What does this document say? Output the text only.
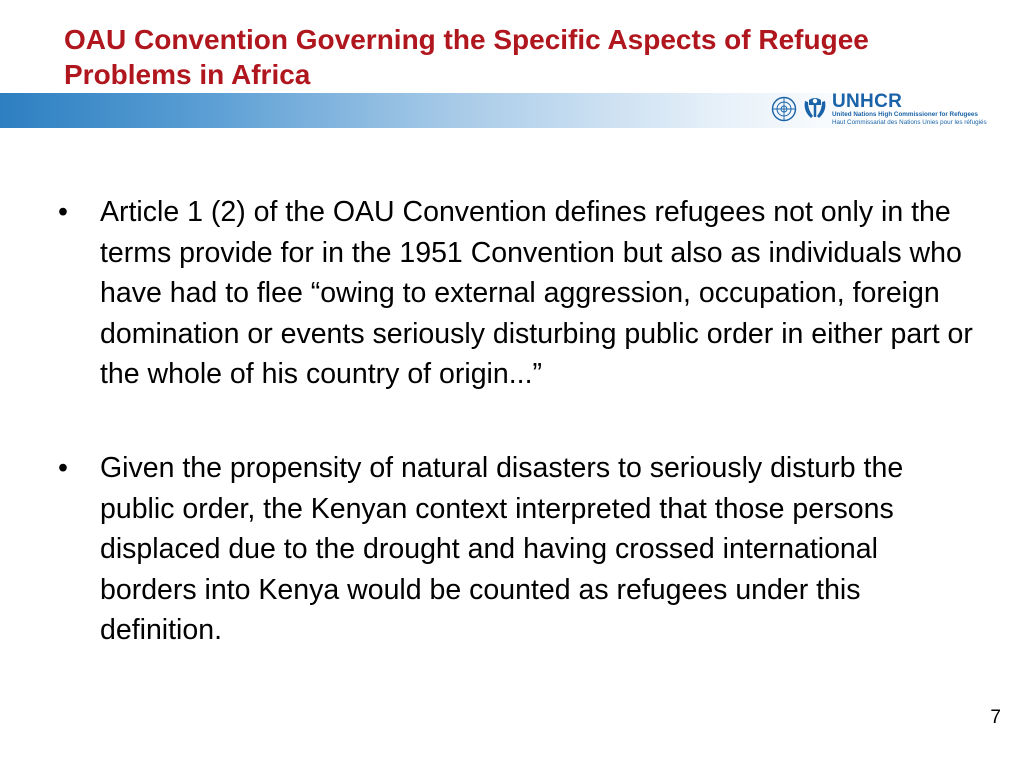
OAU Convention Governing the Specific Aspects of Refugee Problems in Africa
UNHCR
United Nations High Commissioner for Refugees
Haut Commissariat des Nations Unies pour les réfugiés
•	Article 1 (2) of the OAU Convention defines refugees not only in the terms provide for in the 1951 Convention but also as individuals who have had to flee “owing to external aggression, occupation, foreign domination or events seriously disturbing public order in either part or the whole of his country of origin...”
•	Given the propensity of natural disasters to seriously disturb the public order, the Kenyan context interpreted that those persons displaced due to the drought and having crossed international borders into Kenya would be counted as refugees under this definition.
7
